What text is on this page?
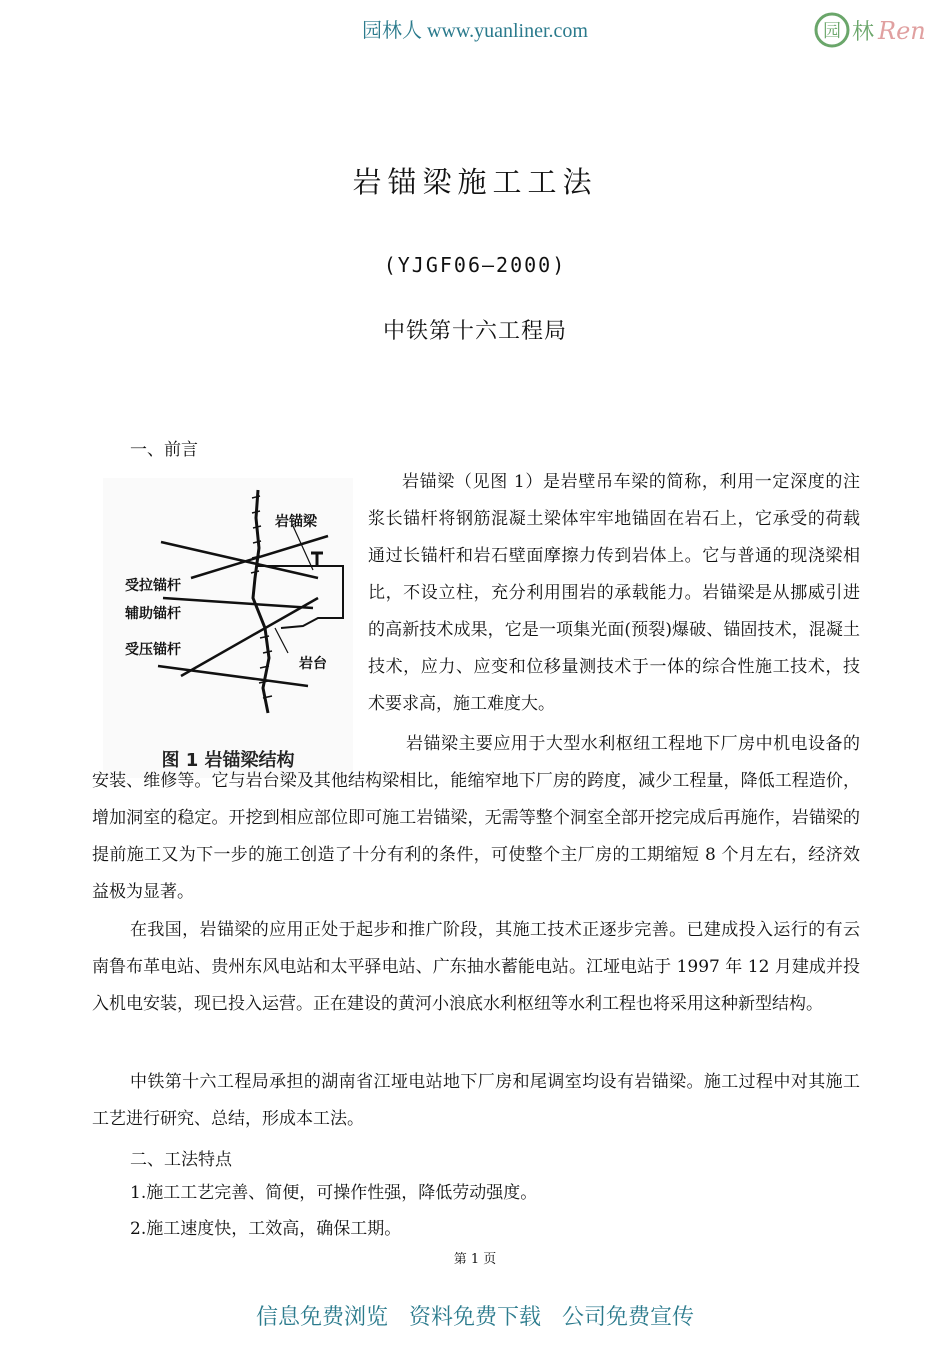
园林人 www.yuanliner.com	园 林 Ren
岩锚梁施工工法
(YJGF06—2000)
中铁第十六工程局
一、前言
岩锚梁
受拉锚杆
辅助锚杆
受压锚杆
岩台
图 1 岩锚梁结构

岩锚梁（见图 1）是岩壁吊车梁的简称，利用一定深度的注浆长锚杆将钢筋混凝土梁体牢牢地锚固在岩石上，它承受的荷载通过长锚杆和岩石壁面摩擦力传到岩体上。它与普通的现浇梁相比，不设立柱，充分利用围岩的承载能力。岩锚梁是从挪威引进的高新技术成果，它是一项集光面(预裂)爆破、锚固技术，混凝土技术，应力、应变和位移量测技术于一体的综合性施工技术，技术要求高，施工难度大。

岩锚梁主要应用于大型水利枢纽工程地下厂房中机电设备的安装、维修等。它与岩台梁及其他结构梁相比，能缩窄地下厂房的跨度，减少工程量，降低工程造价，增加洞室的稳定。开挖到相应部位即可施工岩锚梁，无需等整个洞室全部开挖完成后再施作，岩锚梁的提前施工又为下一步的施工创造了十分有利的条件，可使整个主厂房的工期缩短 8 个月左右，经济效益极为显著。

在我国，岩锚梁的应用正处于起步和推广阶段，其施工技术正逐步完善。已建成投入运行的有云南鲁布革电站、贵州东风电站和太平驿电站、广东抽水蓄能电站。江垭电站于 1997 年 12 月建成并投入机电安装，现已投入运营。正在建设的黄河小浪底水利枢纽等水利工程也将采用这种新型结构。

中铁第十六工程局承担的湖南省江垭电站地下厂房和尾调室均设有岩锚梁。施工过程中对其施工工艺进行研究、总结，形成本工法。

二、工法特点

1.施工工艺完善、简便，可操作性强，降低劳动强度。

2.施工速度快，工效高，确保工期。

第 1 页
信息免费浏览 资料免费下载 公司免费宣传
